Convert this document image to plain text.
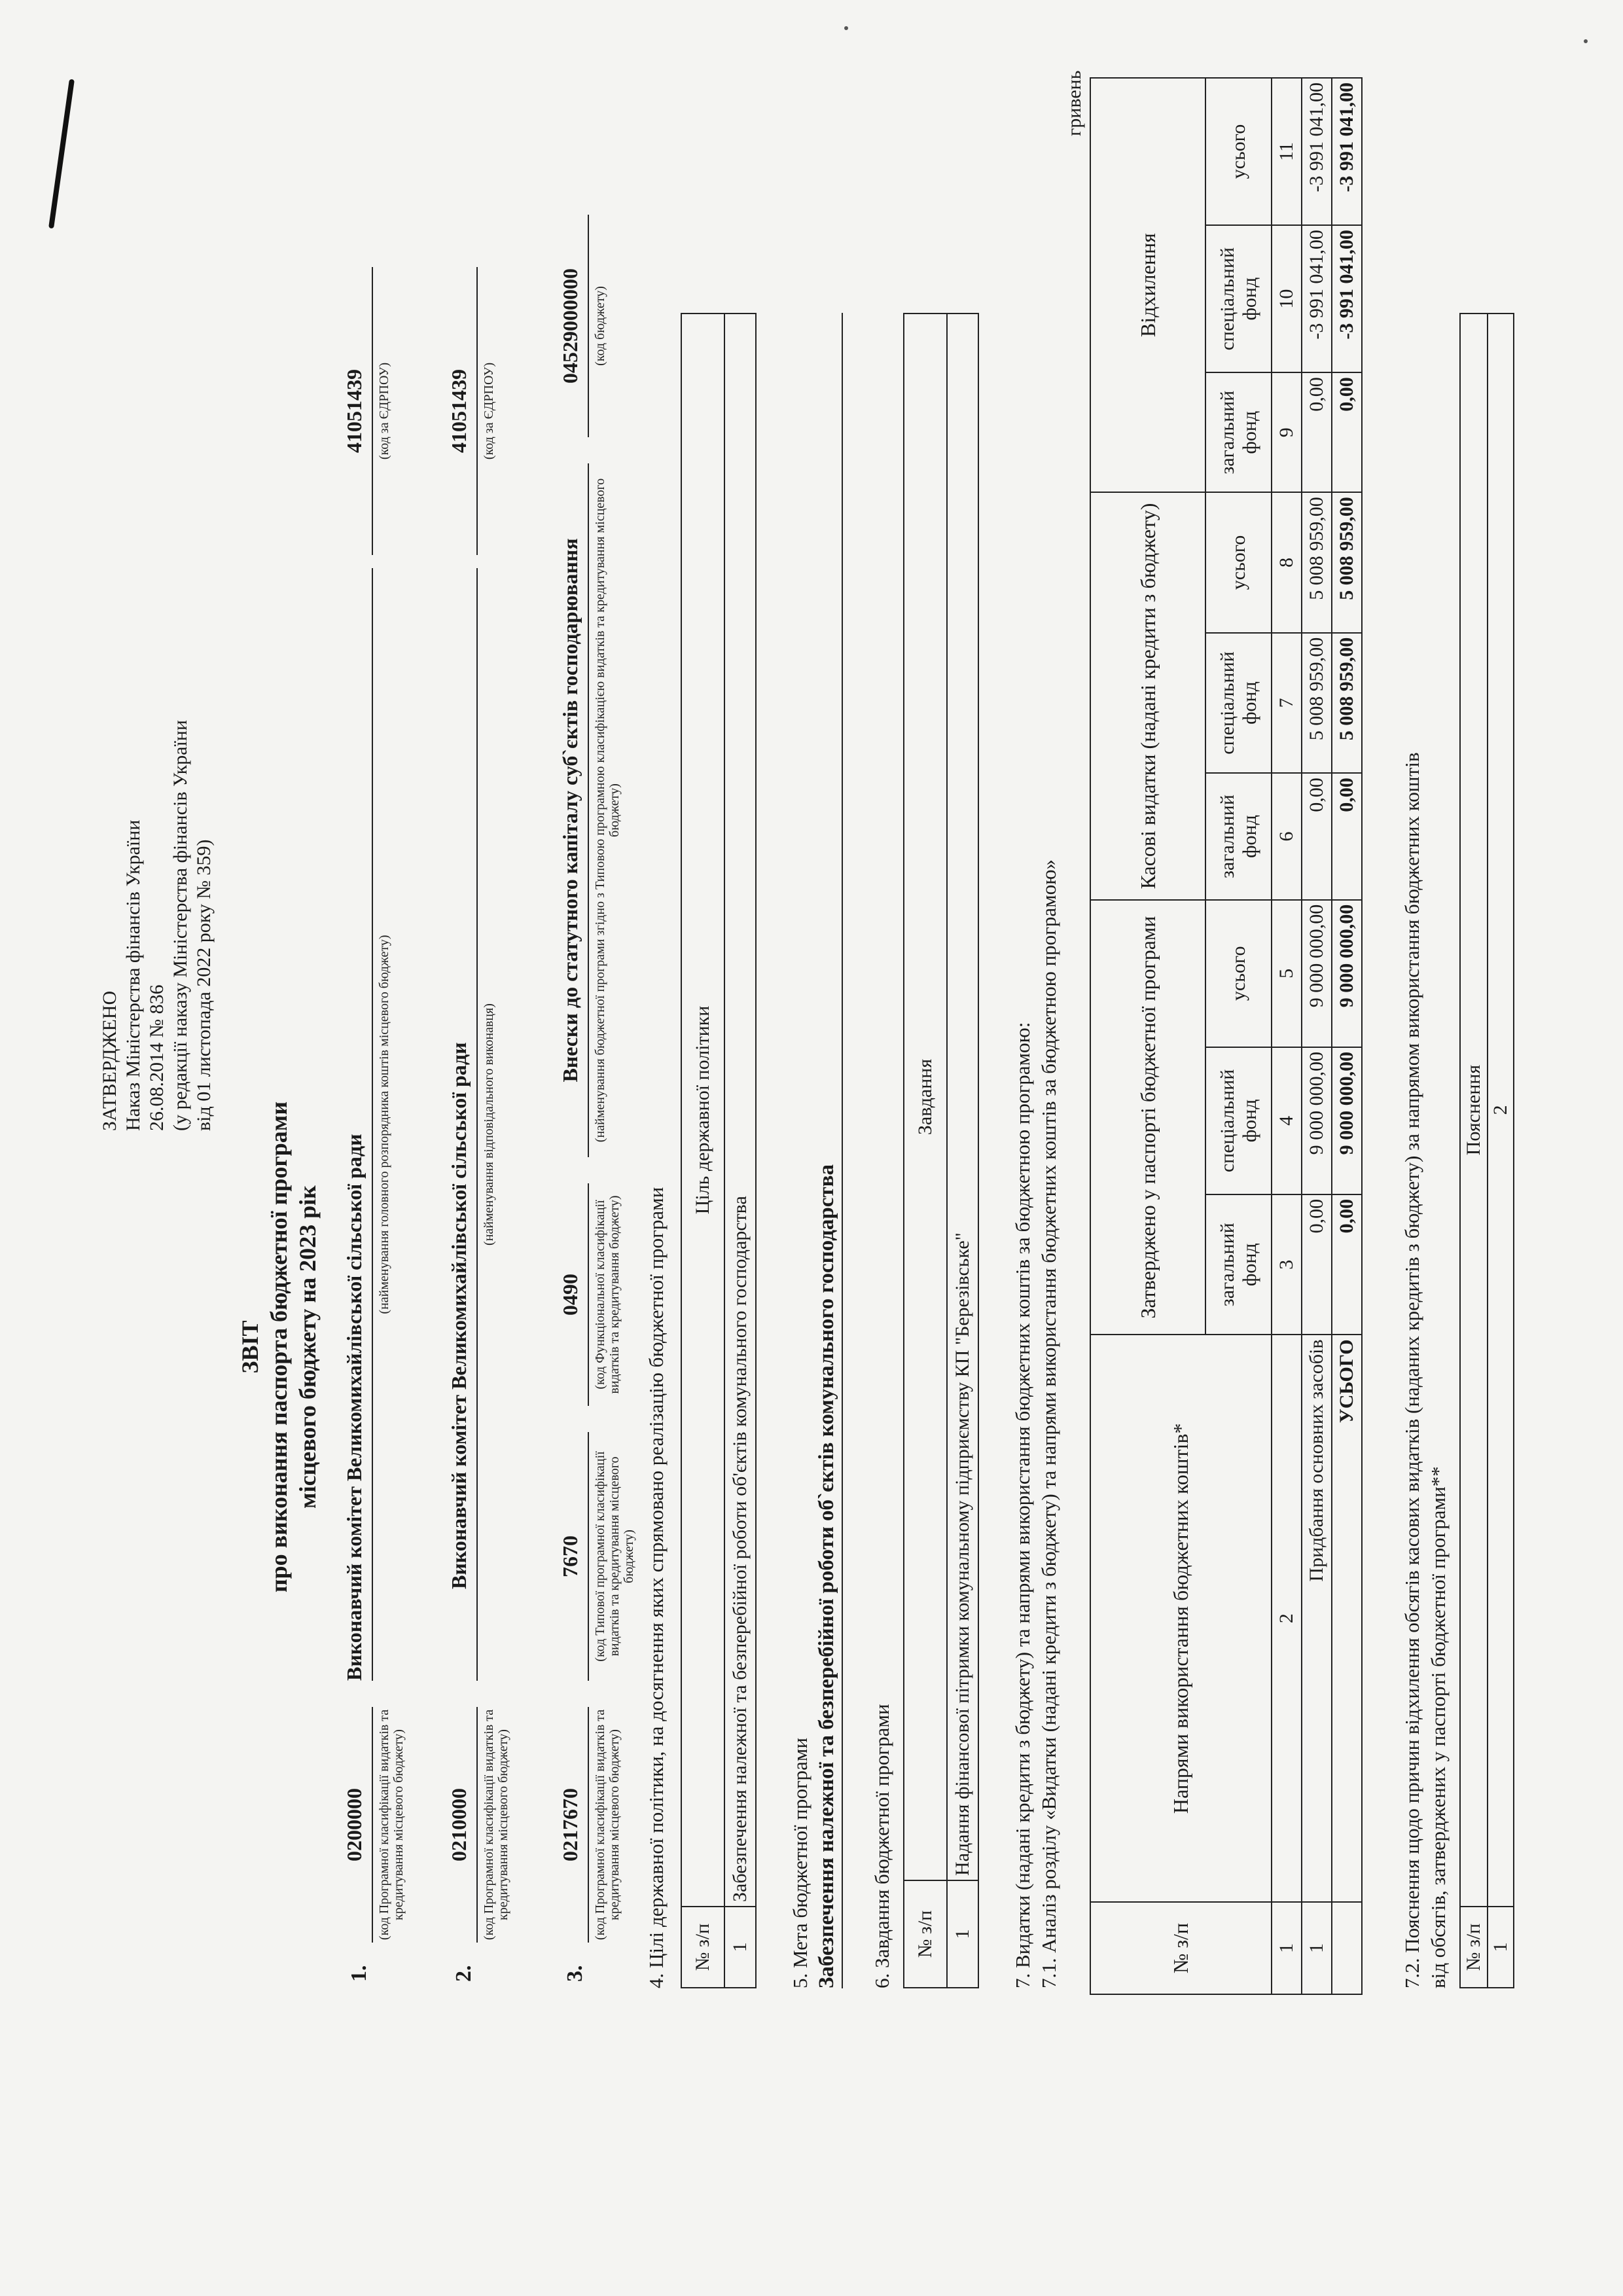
ЗАТВЕРДЖЕНО Наказ Міністерства фінансів України 26.08.2014 № 836 (у редакції наказу Міністерства фінансів України від 01 листопада 2022 року № 359)
ЗВІТ про виконання паспорта бюджетної програми місцевого бюджету на 2023 рік
1.
0200000 (код Програмної класифікації видатків та кредитування місцевого бюджету)
Виконавчий комітет Великомихайлівської сільської ради
(найменування головного розпорядника коштів місцевого бюджету)
41051439 (код за ЄДРПОУ)
2.
0210000 (код Програмної класифікації видатків та кредитування місцевого бюджету)
Виконавчий комітет Великомихайлівської сільської ради (найменування відповідального виконавця)
41051439 (код за ЄДРПОУ)
3.
0217670 (код Програмної класифікації видатків та кредитування місцевого бюджету)
7670 (код Типової програмної класифікації видатків та кредитування місцевого бюджету)
0490 (код Функціональної класифікації видатків та кредитування бюджету)
Внески до статутного капіталу суб`єктів господарювання (найменування бюджетної програми згідно з Типовою програмною класифікацією видатків та кредитування місцевого бюджету)
04529000000 (код бюджету)
4. Цілі державної політики, на досягнення яких спрямовано реалізацію бюджетної програми № з/п	Ціль державної політики
1	Забезпечення належної та безперебійної роботи об'єктів комунального господарства 5. Мета бюджетної програми Забезпечення належної та безперебійної роботи об`єктів комунального господарства 6. Завдання бюджетної програми № з/п	Завдання
1	Надання фінансової пітримки комунальному підприємству КП "Березівське" 7. Видатки (надані кредити з бюджету) та напрями використання бюджетних коштів за бюджетною програмою: 7.1. Аналіз розділу «Видатки (надані кредити з бюджету) та напрями використання бюджетних коштів за бюджетною програмою»
гривень
№ з/п	Напрями використання бюджетних коштів*	Затверджено у паспорті бюджетної програми			Касові видатки (надані кредити з бюджету)			Відхилення		
		загальний фонд	спеціальний фонд	усього	загальний фонд	спеціальний фонд	усього	загальний фонд	спеціальний фонд	усього
1	2	3	4	5	6	7	8	9	10	11
1	Придбання основних засобів	0,00	9 000 000,00	9 000 000,00	0,00	5 008 959,00	5 008 959,00	0,00	-3 991 041,00	-3 991 041,00
	УСЬОГО	0,00	9 000 000,00	9 000 000,00	0,00	5 008 959,00	5 008 959,00	0,00	-3 991 041,00	-3 991 041,00
7.2. Пояснення щодо причин відхилення обсягів касових видатків (наданих кредитів з бюджету) за напрямом використання бюджетних коштів від обсягів, затверджених у паспорті бюджетної програми** № з/п	Пояснення
1	2
